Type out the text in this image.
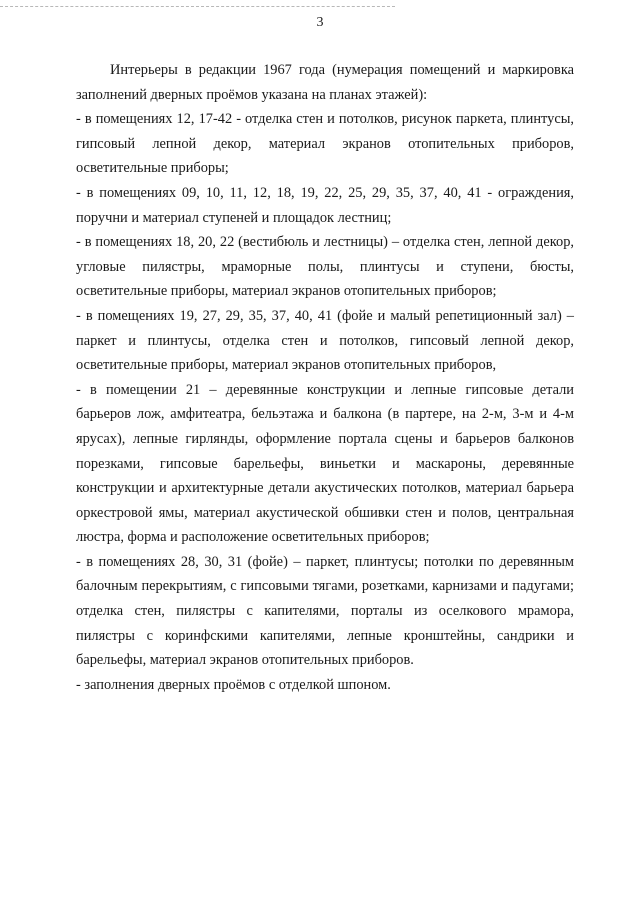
3

Интерьеры в редакции 1967 года (нумерация помещений и маркировка заполнений дверных проёмов указана на планах этажей):

- в помещениях 12, 17-42 - отделка стен и потолков, рисунок паркета, плинтусы, гипсовый лепной декор, материал экранов отопительных приборов, осветительные приборы;

- в помещениях 09, 10, 11, 12, 18, 19, 22, 25, 29, 35, 37, 40, 41 - ограждения, поручни и материал ступеней и площадок лестниц;

- в помещениях 18, 20, 22 (вестибюль и лестницы) – отделка стен, лепной декор, угловые пилястры, мраморные полы, плинтусы и ступени, бюсты, осветительные приборы, материал экранов отопительных приборов;

- в помещениях 19, 27, 29, 35, 37, 40, 41 (фойе и малый репетиционный зал) – паркет и плинтусы, отделка стен и потолков, гипсовый лепной декор, осветительные приборы, материал экранов отопительных приборов,

- в помещении 21 – деревянные конструкции и лепные гипсовые детали барьеров лож, амфитеатра, бельэтажа и балкона (в партере, на 2-м, 3-м и 4-м ярусах), лепные гирлянды, оформление портала сцены и барьеров балконов порезками, гипсовые барельефы, виньетки и маскароны, деревянные конструкции и архитектурные детали акустических потолков, материал барьера оркестровой ямы, материал акустической обшивки стен и полов, центральная люстра, форма и расположение осветительных приборов;

- в помещениях 28, 30, 31 (фойе) – паркет, плинтусы; потолки по деревянным балочным перекрытиям, с гипсовыми тягами, розетками, карнизами и падугами; отделка стен, пилястры с капителями, порталы из оселкового мрамора, пилястры с коринфскими капителями, лепные кронштейны, сандрики и барельефы, материал экранов отопительных приборов.

- заполнения дверных проёмов с отделкой шпоном.
